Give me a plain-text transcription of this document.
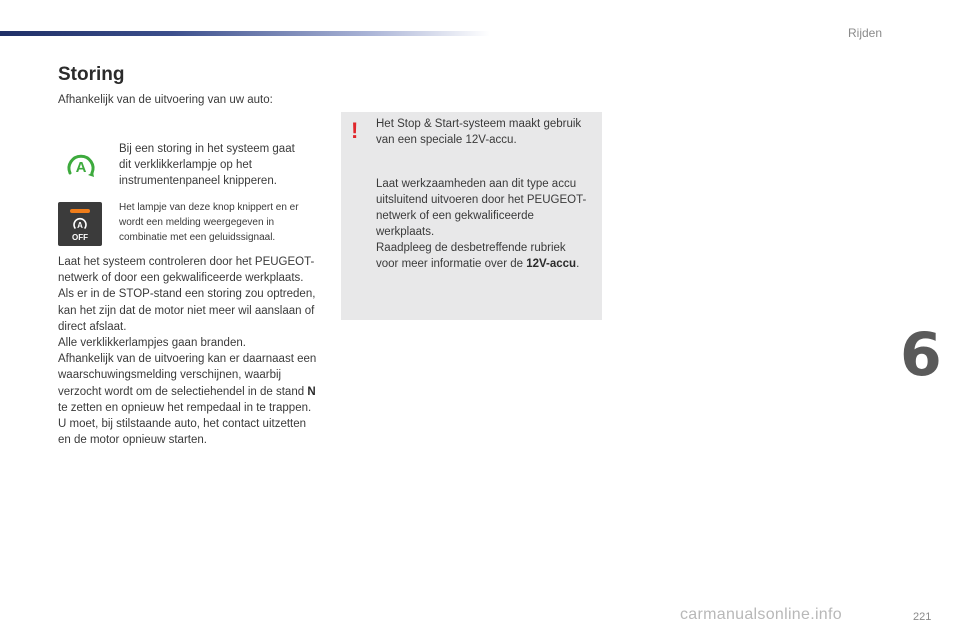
Rijden
Storing
Afhankelijk van de uitvoering van uw auto:
A
Bij een storing in het systeem gaat dit verklikkerlampje op het instrumentenpaneel knipperen.
A
OFF
Het lampje van deze knop knippert en er wordt een melding weergegeven in combinatie met een geluidssignaal.

Laat het systeem controleren door het PEUGEOT-netwerk of door een gekwalificeerde werkplaats.

Als er in de STOP-stand een storing zou optreden, kan het zijn dat de motor niet meer wil aanslaan of direct afslaat.

Alle verklikkerlampjes gaan branden.

Afhankelijk van de uitvoering kan er daarnaast een waarschuwingsmelding verschijnen, waarbij verzocht wordt om de selectiehendel in de stand N te zetten en opnieuw het rempedaal in te trappen.

U moet, bij stilstaande auto, het contact uitzetten en de motor opnieuw starten.

! Het Stop & Start-systeem maakt gebruik van een speciale 12V-accu.
Laat werkzaamheden aan dit type accu uitsluitend uitvoeren door het PEUGEOT-netwerk of een gekwalificeerde werkplaats.
Raadpleeg de desbetreffende rubriek voor meer informatie over de 12V-accu.
6
carmanualsonline.info	221
